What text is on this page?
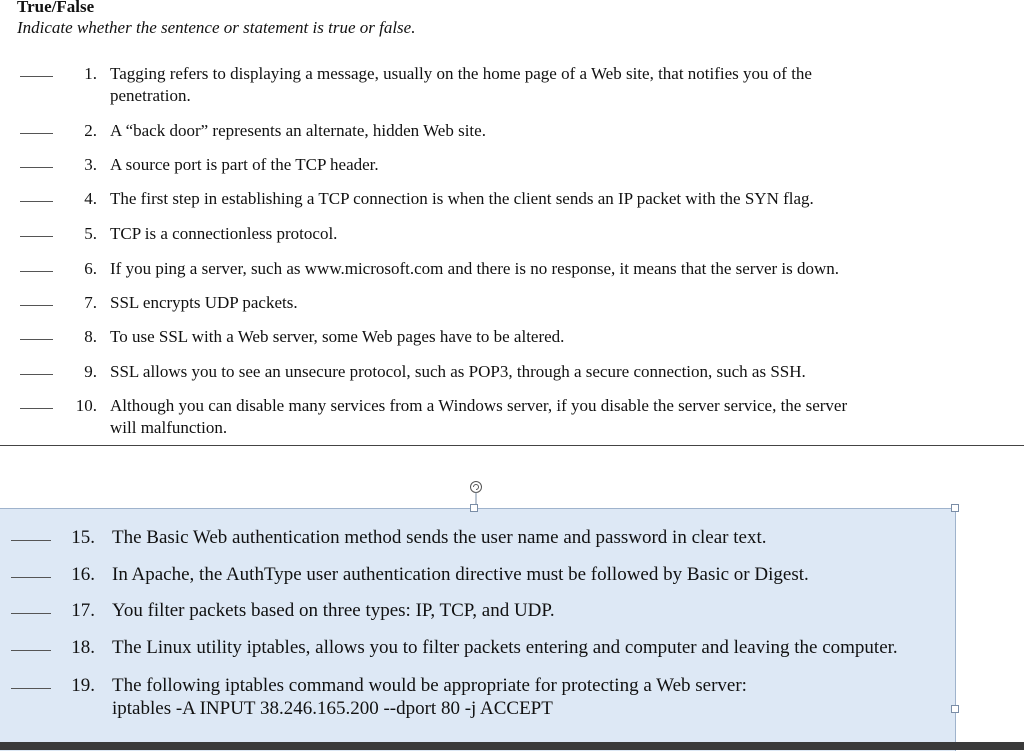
True/False
Indicate whether the sentence or statement is true or false.
1. Tagging refers to displaying a message, usually on the home page of a Web site, that notifies you of the
penetration.
2. A “back door” represents an alternate, hidden Web site.
3. A source port is part of the TCP header.
4. The first step in establishing a TCP connection is when the client sends an IP packet with the SYN flag.
5. TCP is a connectionless protocol.
6. If you ping a server, such as www.microsoft.com and there is no response, it means that the server is down.
7. SSL encrypts UDP packets.
8. To use SSL with a Web server, some Web pages have to be altered.
9. SSL allows you to see an unsecure protocol, such as POP3, through a secure connection, such as SSH.
10. Although you can disable many services from a Windows server, if you disable the server service, the server
will malfunction.
15. The Basic Web authentication method sends the user name and password in clear text.
16. In Apache, the AuthType user authentication directive must be followed by Basic or Digest.
17. You filter packets based on three types: IP, TCP, and UDP.
18. The Linux utility iptables, allows you to filter packets entering and computer and leaving the computer.
19. The following iptables command would be appropriate for protecting a Web server:
iptables -A INPUT 38.246.165.200 --dport 80 -j ACCEPT
